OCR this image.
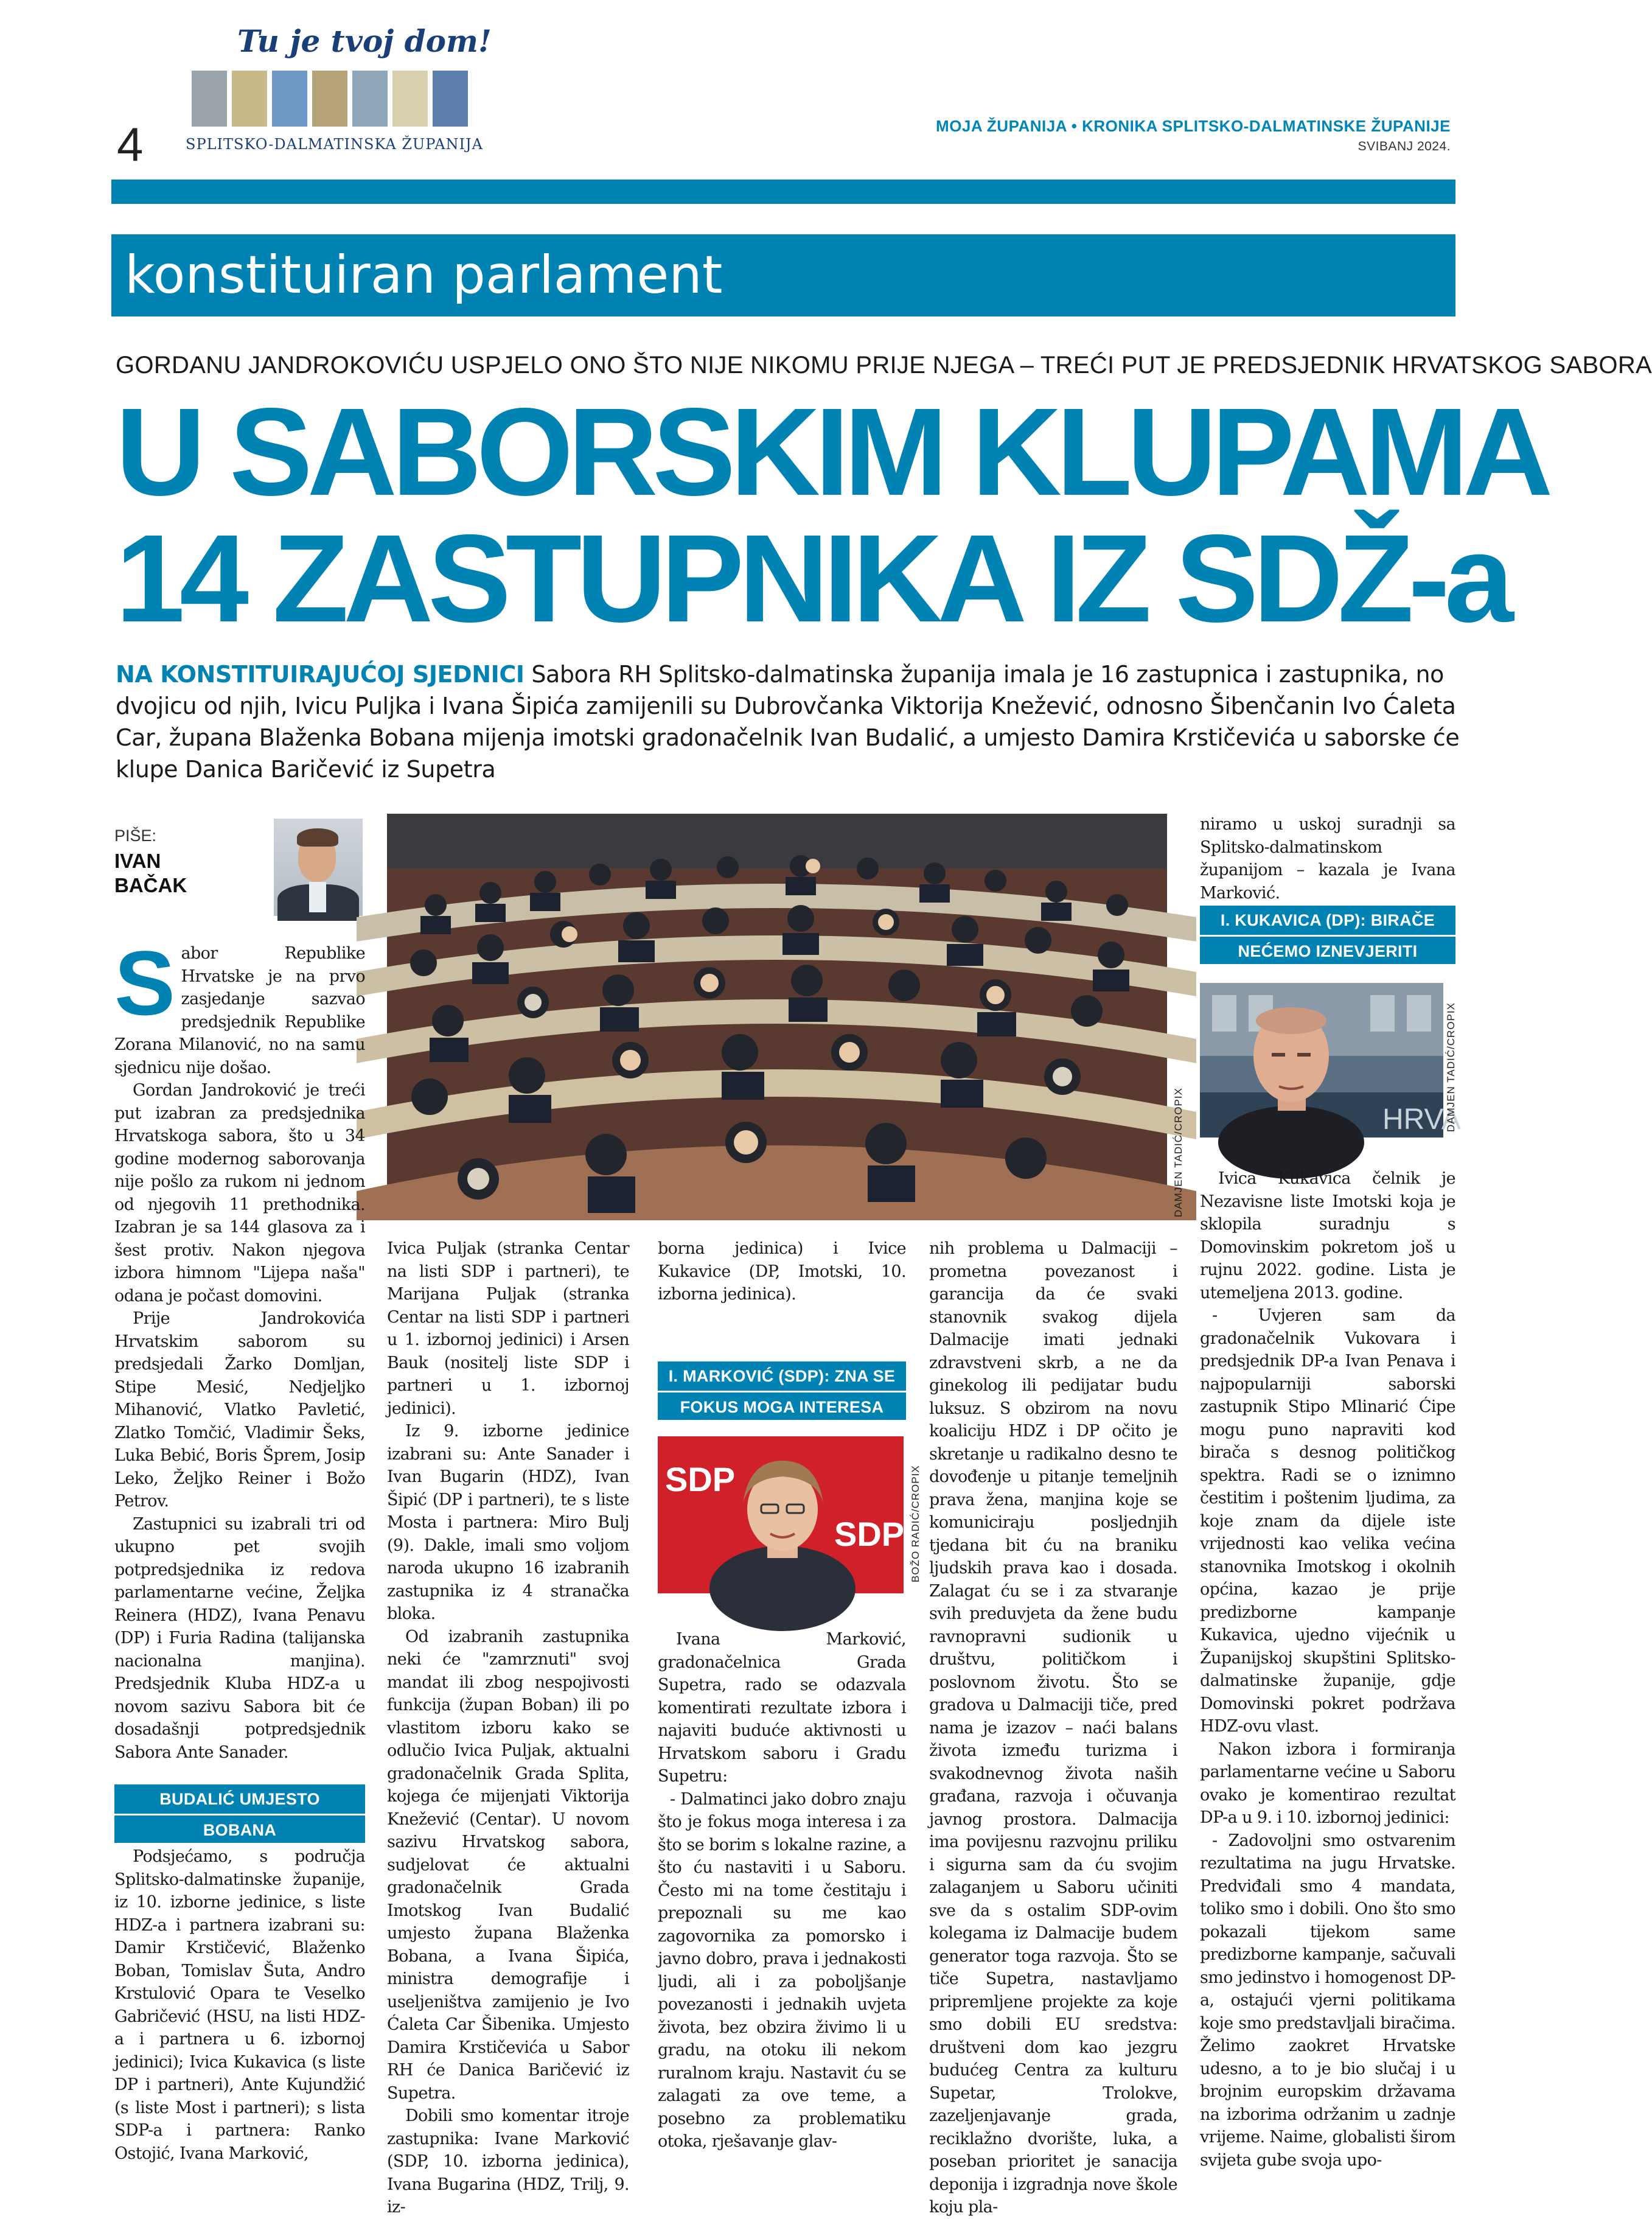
4
Tu je tvoj dom!
SPLITSKO-DALMATINSKA ŽUPANIJA
MOJA ŽUPANIJA • KRONIKA SPLITSKO-DALMATINSKE ŽUPANIJE
SVIBANJ 2024.
konstituiran parlament
GORDANU JANDROKOVIĆU USPJELO ONO ŠTO NIJE NIKOMU PRIJE NJEGA – TREĆI PUT JE PREDSJEDNIK HRVATSKOG SABORA
U SABORSKIM KLUPAMA
14 ZASTUPNIKA IZ SDŽ-a
NA KONSTITUIRAJUĆOJ SJEDNICI Sabora RH Splitsko-dalmatinska županija imala je 16 zastupnica i zastupnika, no dvojicu od njih, Ivicu Puljka i Ivana Šipića zamijenili su Dubrovčanka Viktorija Knežević, odnosno Šibenčanin Ivo Ćaleta Car, župana Blaženka Bobana mijenja imotski gradonačelnik Ivan Budalić, a umjesto Damira Krstičevića u saborske će klupe Danica Baričević iz Supetra
PIŠE:
IVAN
BAČAK
DAMJEN TADIĆ/CROPIX

Sabor Republike Hrvatske je na prvo zasjedanje sazvao predsjednik Republike Zorana Milanović, no na samu sjednicu nije došao.

Gordan Jandroković je treći put izabran za predsjednika Hrvatskoga sabora, što u 34 godine modernog saborovanja nije pošlo za rukom ni jednom od njegovih 11 prethodnika. Izabran je sa 144 glasova za i šest protiv. Nakon njegova izbora himnom "Lijepa naša" odana je počast domovini.

Prije Jandrokovića Hrvatskim saborom su predsjedali Žarko Domljan, Stipe Mesić, Nedjeljko Mihanović, Vlatko Pavletić, Zlatko Tomčić, Vladimir Šeks, Luka Bebić, Boris Šprem, Josip Leko, Željko Reiner i Božo Petrov.

Zastupnici su izabrali tri od ukupno pet svojih potpredsjednika iz redova parlamentarne većine, Željka Reinera (HDZ), Ivana Penavu (DP) i Furia Radina (talijanska nacionalna manjina). Predsjednik Kluba HDZ-a u novom sazivu Sabora bit će dosadašnji potpredsjednik Sabora Ante Sanader.

BUDALIĆ UMJESTO
BOBANA

Podsjećamo, s područja Splitsko-dalmatinske županije, iz 10. izborne jedinice, s liste HDZ-a i partnera izabrani su: Damir Krstičević, Blaženko Boban, Tomislav Šuta, Andro Krstulović Opara te Veselko Gabričević (HSU, na listi HDZ-a i partnera u 6. izbornoj jedinici); Ivica Kukavica (s liste DP i partneri), Ante Kujundžić (s liste Most i partneri); s lista SDP-a i partnera: Ranko Ostojić, Ivana Marković,

Ivica Puljak (stranka Centar na listi SDP i partneri), te Marijana Puljak (stranka Centar na listi SDP i partneri u 1. izbornoj jedinici) i Arsen Bauk (nositelj liste SDP i partneri u 1. izbornoj jedinici).

Iz 9. izborne jedinice izabrani su: Ante Sanader i Ivan Bugarin (HDZ), Ivan Šipić (DP i partneri), te s liste Mosta i partnera: Miro Bulj (9). Dakle, imali smo voljom naroda ukupno 16 izabranih zastupnika iz 4 stranačka bloka.

Od izabranih zastupnika neki će "zamrznuti" svoj mandat ili zbog nespojivosti funkcija (župan Boban) ili po vlastitom izboru kako se odlučio Ivica Puljak, aktualni gradonačelnik Grada Splita, kojega će mijenjati Viktorija Knežević (Centar). U novom sazivu Hrvatskog sabora, sudjelovat će aktualni gradonačelnik Grada Imotskog Ivan Budalić umjesto župana Blaženka Bobana, a Ivana Šipića, ministra demografije i useljeništva zamijenio je Ivo Ćaleta Car Šibenika. Umjesto Damira Krstičevića u Sabor RH će Danica Baričević iz Supetra.

Dobili smo komentar itroje zastupnika: Ivane Marković (SDP, 10. izborna jedinica), Ivana Bugarina (HDZ, Trilj, 9. iz-

borna jedinica) i Ivice Kukavice (DP, Imotski, 10. izborna jedinica).

I. MARKOVIĆ (SDP): ZNA SE
FOKUS MOGA INTERESA
SDP
SDP BOŽO RADIĆ/CROPIX

Ivana Marković, gradonačelnica Grada Supetra, rado se odazvala komentirati rezultate izbora i najaviti buduće aktivnosti u Hrvatskom saboru i Gradu Supetru:

- Dalmatinci jako dobro znaju što je fokus moga interesa i za što se borim s lokalne razine, a što ću nastaviti i u Saboru. Često mi na tome čestitaju i prepoznali su me kao zagovornika za pomorsko i javno dobro, prava i jednakosti ljudi, ali i za poboljšanje povezanosti i jednakih uvjeta života, bez obzira živimo li u gradu, na otoku ili nekom ruralnom kraju. Nastavit ću se zalagati za ove teme, a posebno za problematiku otoka, rješavanje glav-

nih problema u Dalmaciji – prometna povezanost i garancija da će svaki stanovnik svakog dijela Dalmacije imati jednaki zdravstveni skrb, a ne da ginekolog ili pedijatar budu luksuz. S obzirom na novu koaliciju HDZ i DP očito je skretanje u radikalno desno te dovođenje u pitanje temeljnih prava žena, manjina koje se komuniciraju posljednjih tjedana bit ću na braniku ljudskih prava kao i dosada. Zalagat ću se i za stvaranje svih preduvjeta da žene budu ravnopravni sudionik u društvu, političkom i poslovnom životu. Što se gradova u Dalmaciji tiče, pred nama je izazov – naći balans života između turizma i svakodnevnog života naših građana, razvoja i očuvanja javnog prostora. Dalmacija ima povijesnu razvojnu priliku i sigurna sam da ću svojim zalaganjem u Saboru učiniti sve da s ostalim SDP-ovim kolegama iz Dalmacije budem generator toga razvoja. Što se tiče Supetra, nastavljamo pripremljene projekte za koje smo dobili EU sredstva: društveni dom kao jezgru budućeg Centra za kulturu Supetar, Trolokve, zazeljenjavanje grada, reciklažno dvorište, luka, a poseban prioritet je sanacija deponija i izgradnja nove škole koju pla-

niramo u uskoj suradnji sa Splitsko-dalmatinskom županijom – kazala je Ivana Marković.

I. KUKAVICA (DP): BIRAČE
NEĆEMO IZNEVJERITI
HRVA
DAMJEN TADIĆ/CROPIX

Ivica Kukavica čelnik je Nezavisne liste Imotski koja je sklopila suradnju s Domovinskim pokretom još u rujnu 2022. godine. Lista je utemeljena 2013. godine.

- Uvjeren sam da gradonačelnik Vukovara i predsjednik DP-a Ivan Penava i najpopularniji saborski zastupnik Stipo Mlinarić Ćipe mogu puno napraviti kod birača s desnog političkog spektra. Radi se o iznimno čestitim i poštenim ljudima, za koje znam da dijele iste vrijednosti kao velika većina stanovnika Imotskog i okolnih općina, kazao je prije predizborne kampanje Kukavica, ujedno vijećnik u Županijskoj skupštini Splitsko-dalmatinske županije, gdje Domovinski pokret podržava HDZ-ovu vlast.

Nakon izbora i formiranja parlamentarne većine u Saboru ovako je komentirao rezultat DP-a u 9. i 10. izbornoj jedinici:

- Zadovoljni smo ostvarenim rezultatima na jugu Hrvatske. Predviđali smo 4 mandata, toliko smo i dobili. Ono što smo pokazali tijekom same predizborne kampanje, sačuvali smo jedinstvo i homogenost DP-a, ostajući vjerni politikama koje smo predstavljali biračima. Želimo zaokret Hrvatske udesno, a to je bio slučaj i u brojnim europskim državama na izborima održanim u zadnje vrijeme. Naime, globalisti širom svijeta gube svoja upo-
